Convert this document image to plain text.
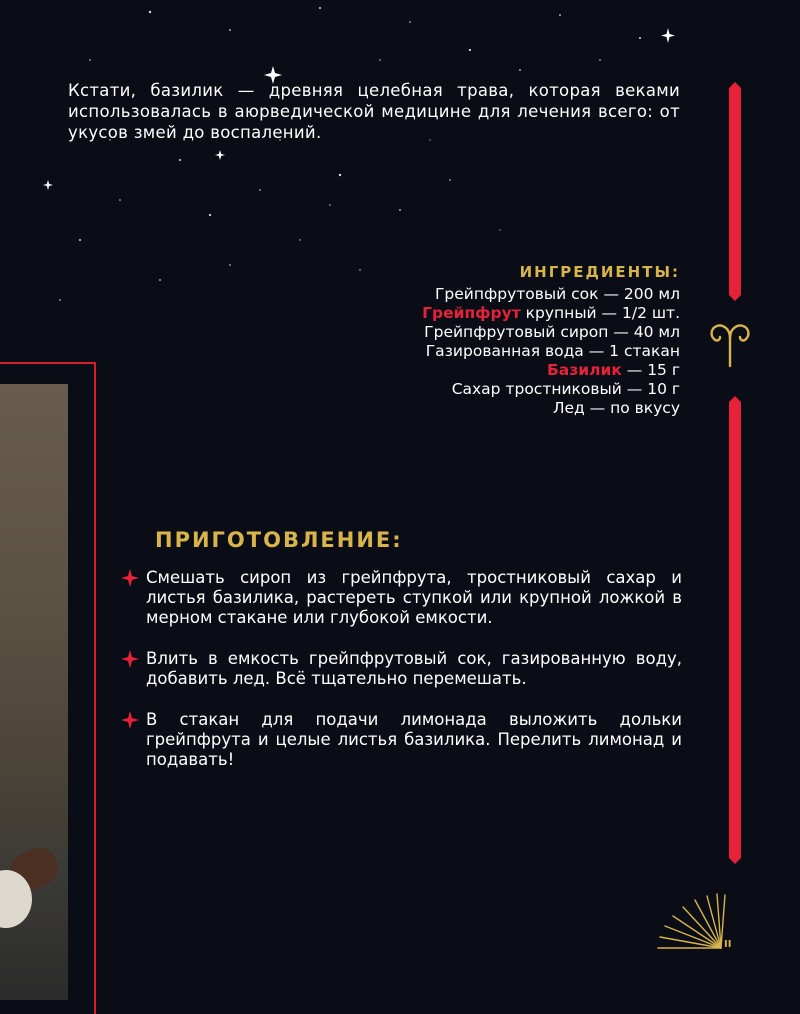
Кстати, базилик — древняя целебная трава, которая веками использовалась в аюрведической медицине для лечения всего: от укусов змей до воспалений.

ИНГРЕДИЕНТЫ:
Грейпфрутовый сок — 200 мл
Грейпфрут крупный — 1/2 шт.
Грейпфрутовый сироп — 40 мл
Газированная вода — 1 стакан
Базилик — 15 г
Сахар тростниковый — 10 г
Лед — по вкусу
ПРИГОТОВЛЕНИЕ:
Смешать сироп из грейпфрута, тростниковый сахар и листья базилика, растереть ступкой или крупной ложкой в мерном стакане или глубокой емкости.
Влить в емкость грейпфрутовый сок, газированную воду, добавить лед. Всё тщательно перемешать.
В стакан для подачи лимонада выложить дольки грейпфрута и целые листья базилика. Перелить лимонад и подавать!
II
